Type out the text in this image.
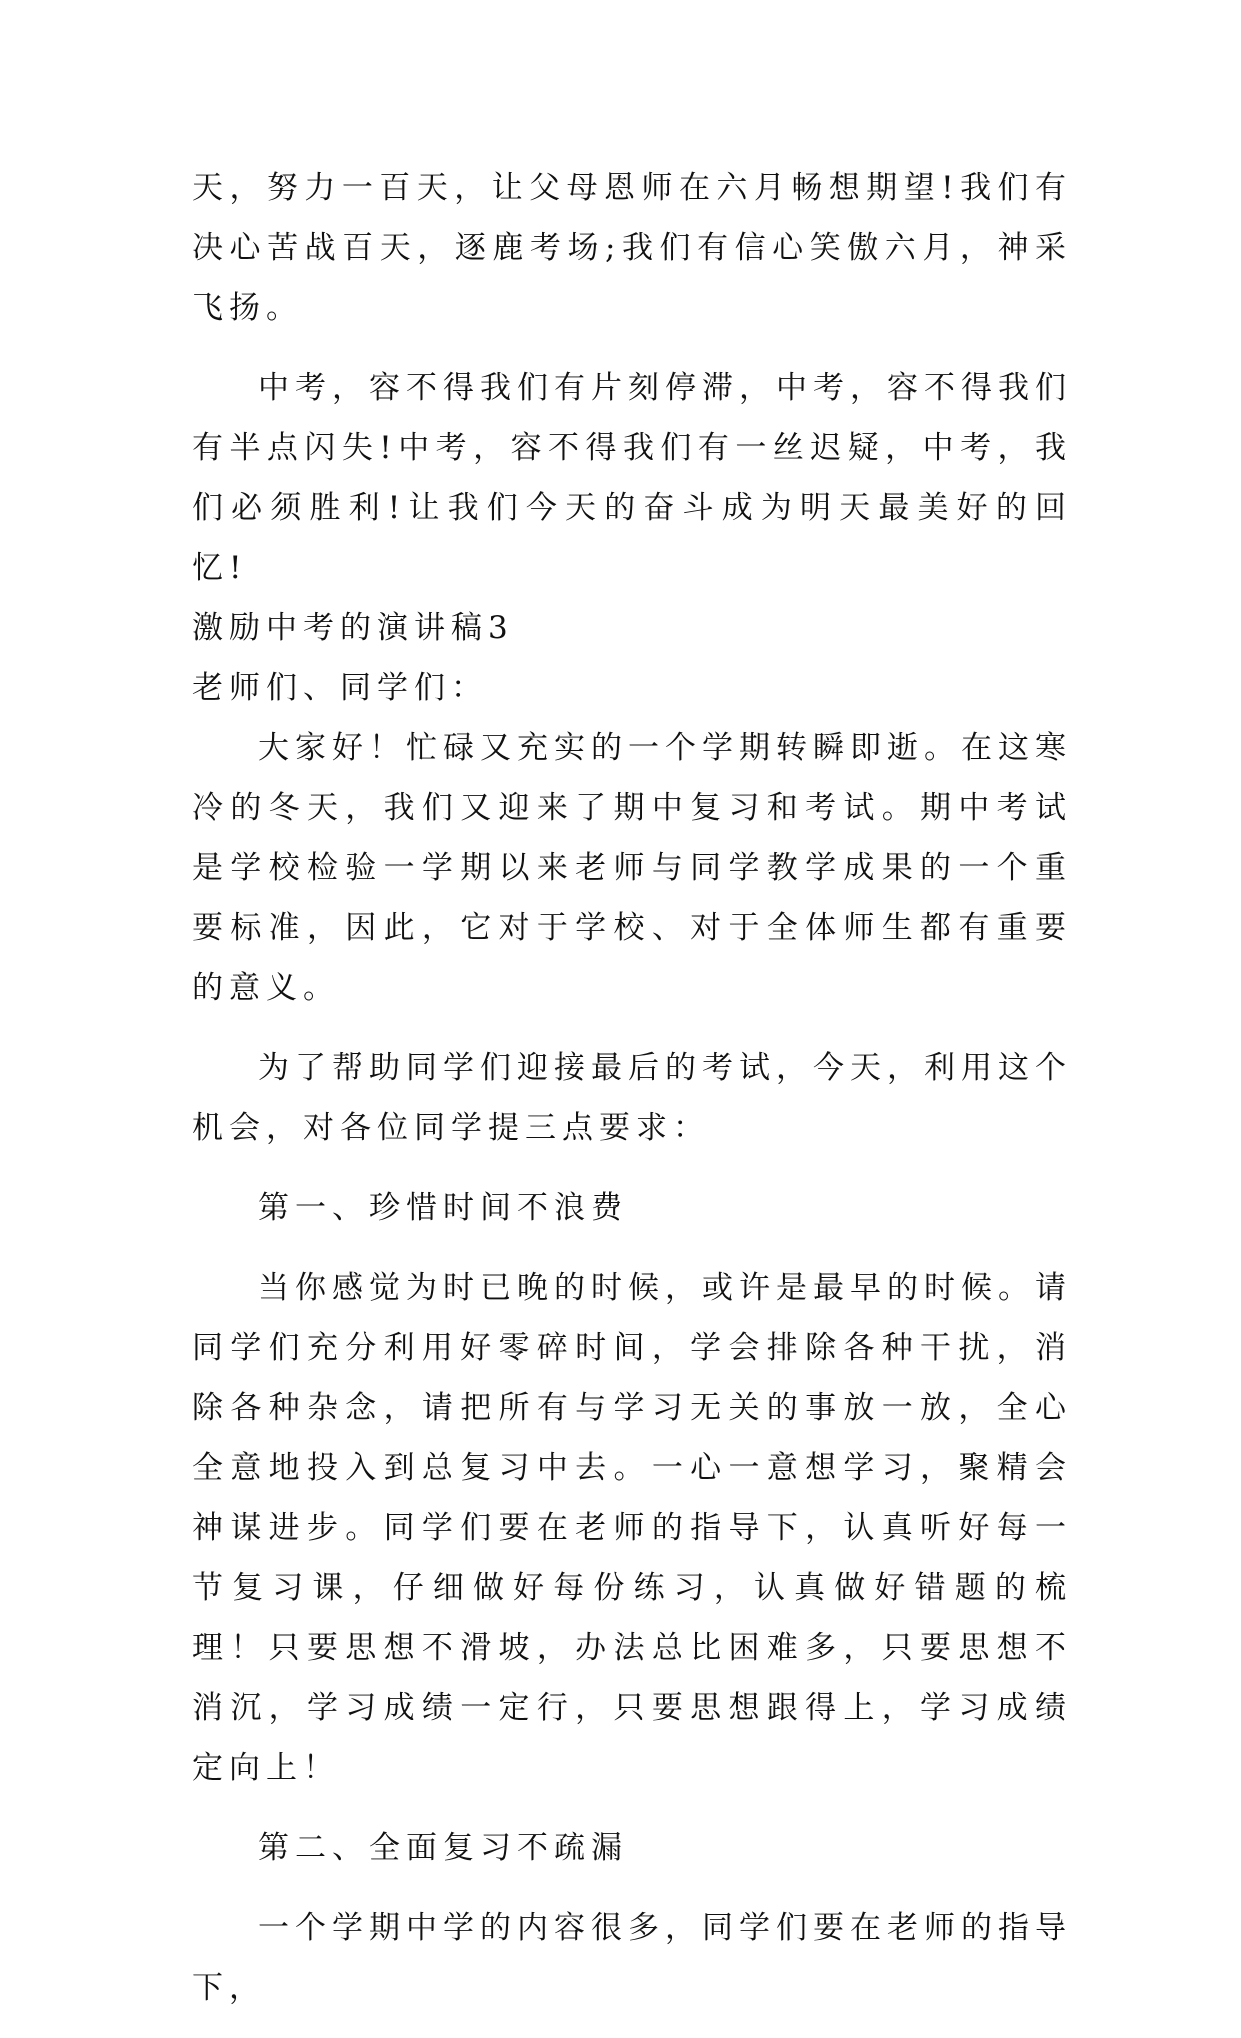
天，努力一百天，让父母恩师在六月畅想期望!我们有决心苦战百天，逐鹿考场;我们有信心笑傲六月，神采飞扬。

中考，容不得我们有片刻停滞，中考，容不得我们有半点闪失!中考，容不得我们有一丝迟疑，中考，我们必须胜利!让我们今天的奋斗成为明天最美好的回忆!

激励中考的演讲稿3

老师们、同学们：

大家好！忙碌又充实的一个学期转瞬即逝。在这寒冷的冬天，我们又迎来了期中复习和考试。期中考试是学校检验一学期以来老师与同学教学成果的一个重要标准，因此，它对于学校、对于全体师生都有重要的意义。

为了帮助同学们迎接最后的考试，今天，利用这个机会，对各位同学提三点要求：

第一、珍惜时间不浪费

当你感觉为时已晚的时候，或许是最早的时候。请同学们充分利用好零碎时间，学会排除各种干扰，消除各种杂念，请把所有与学习无关的事放一放，全心全意地投入到总复习中去。一心一意想学习，聚精会神谋进步。同学们要在老师的指导下，认真听好每一节复习课，仔细做好每份练习，认真做好错题的梳理！只要思想不滑坡，办法总比困难多，只要思想不消沉，学习成绩一定行，只要思想跟得上，学习成绩定向上！

第二、全面复习不疏漏

一个学期中学的内容很多，同学们要在老师的指导下，
